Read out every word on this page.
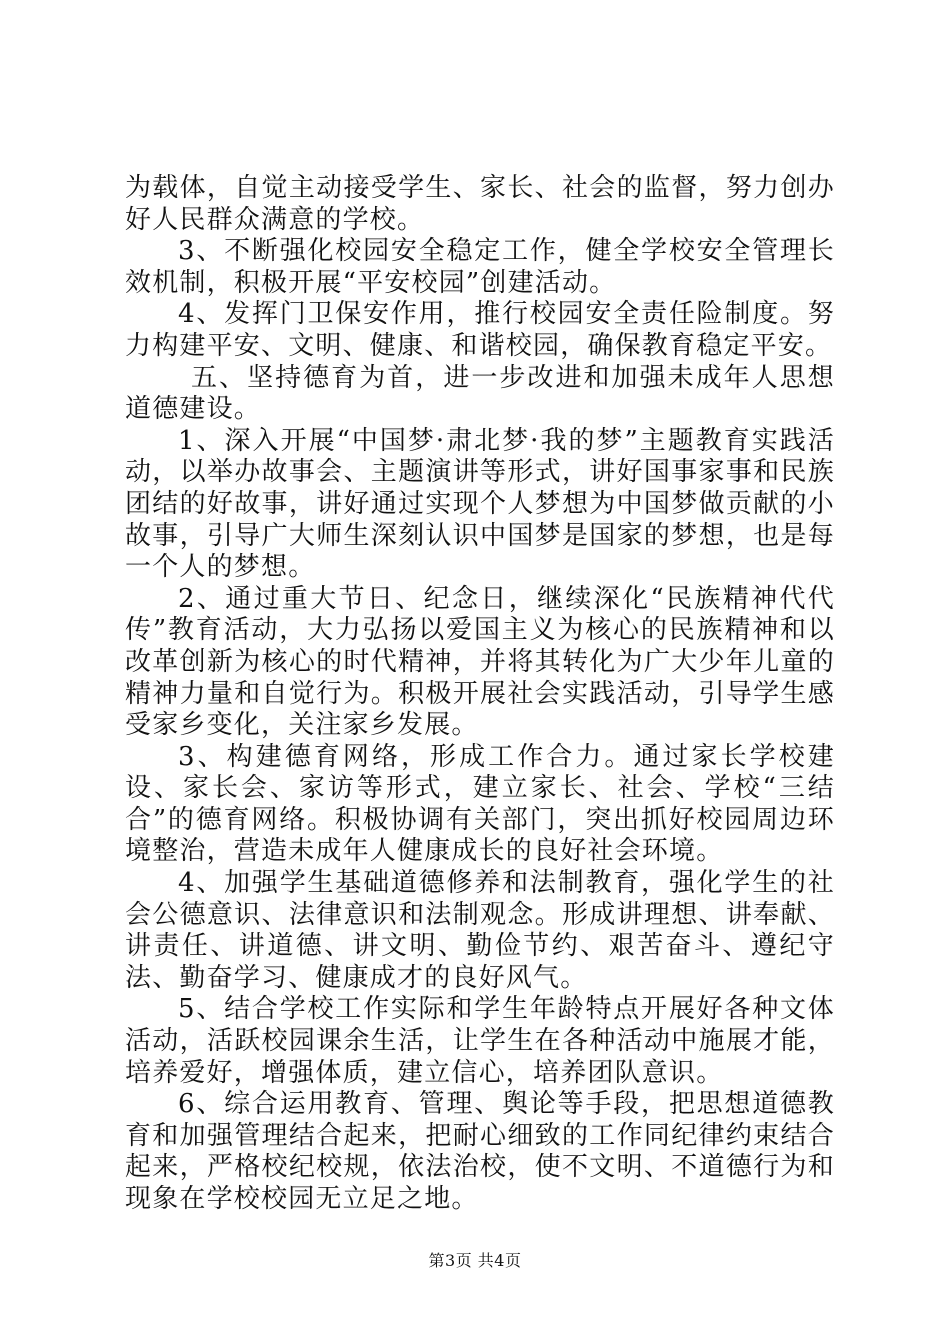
为载体，自觉主动接受学生、家长、社会的监督，努力创办好人民群众满意的学校。

3、不断强化校园安全稳定工作，健全学校安全管理长效机制，积极开展“平安校园”创建活动。

4、发挥门卫保安作用，推行校园安全责任险制度。努力构建平安、文明、健康、和谐校园，确保教育稳定平安。

五、坚持德育为首，进一步改进和加强未成年人思想道德建设。

1、深入开展“中国梦·肃北梦·我的梦”主题教育实践活动，以举办故事会、主题演讲等形式，讲好国事家事和民族团结的好故事，讲好通过实现个人梦想为中国梦做贡献的小故事，引导广大师生深刻认识中国梦是国家的梦想，也是每一个人的梦想。

2、通过重大节日、纪念日，继续深化“民族精神代代传”教育活动，大力弘扬以爱国主义为核心的民族精神和以改革创新为核心的时代精神，并将其转化为广大少年儿童的精神力量和自觉行为。积极开展社会实践活动，引导学生感受家乡变化，关注家乡发展。

3、构建德育网络，形成工作合力。通过家长学校建设、家长会、家访等形式，建立家长、社会、学校“三结合”的德育网络。积极协调有关部门，突出抓好校园周边环境整治，营造未成年人健康成长的良好社会环境。

4、加强学生基础道德修养和法制教育，强化学生的社会公德意识、法律意识和法制观念。形成讲理想、讲奉献、讲责任、讲道德、讲文明、勤俭节约、艰苦奋斗、遵纪守法、勤奋学习、健康成才的良好风气。

5、结合学校工作实际和学生年龄特点开展好各种文体活动，活跃校园课余生活，让学生在各种活动中施展才能，培养爱好，增强体质，建立信心，培养团队意识。

6、综合运用教育、管理、舆论等手段，把思想道德教育和加强管理结合起来，把耐心细致的工作同纪律约束结合起来，严格校纪校规，依法治校，使不文明、不道德行为和现象在学校校园无立足之地。

第3页 共4页
